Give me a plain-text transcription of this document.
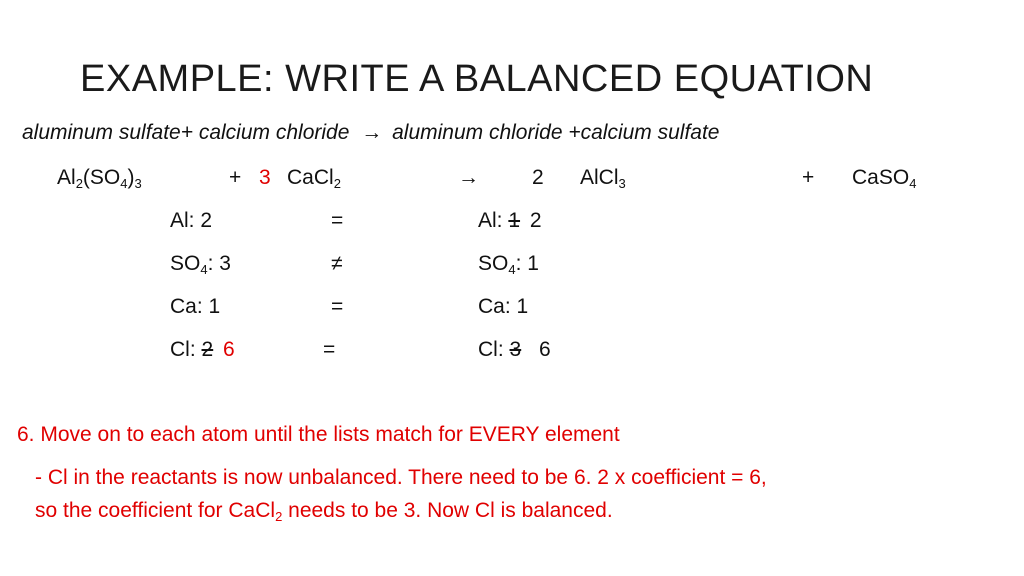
EXAMPLE: WRITE A BALANCED EQUATION
aluminum sulfate+ calcium chloride → aluminum chloride +calcium sulfate
$Al_2(SO_4)_3$	+ 3 CaCl$_2$	→	2 AlCl$_3$	+ CaSO$_4$
Al: 2	=	Al: 1 2
$SO_4$: 3	≠	$SO_4$: 1
Ca: 1	=	Ca: 1
Cl: 2 6	=	Cl: 3 6
6. Move on to each atom until the lists match for EVERY element
- Cl in the reactants is now unbalanced. There need to be 6. 2 x coefficient = 6,
so the coefficient for CaCl$_2$ needs to be 3. Now Cl is balanced.
